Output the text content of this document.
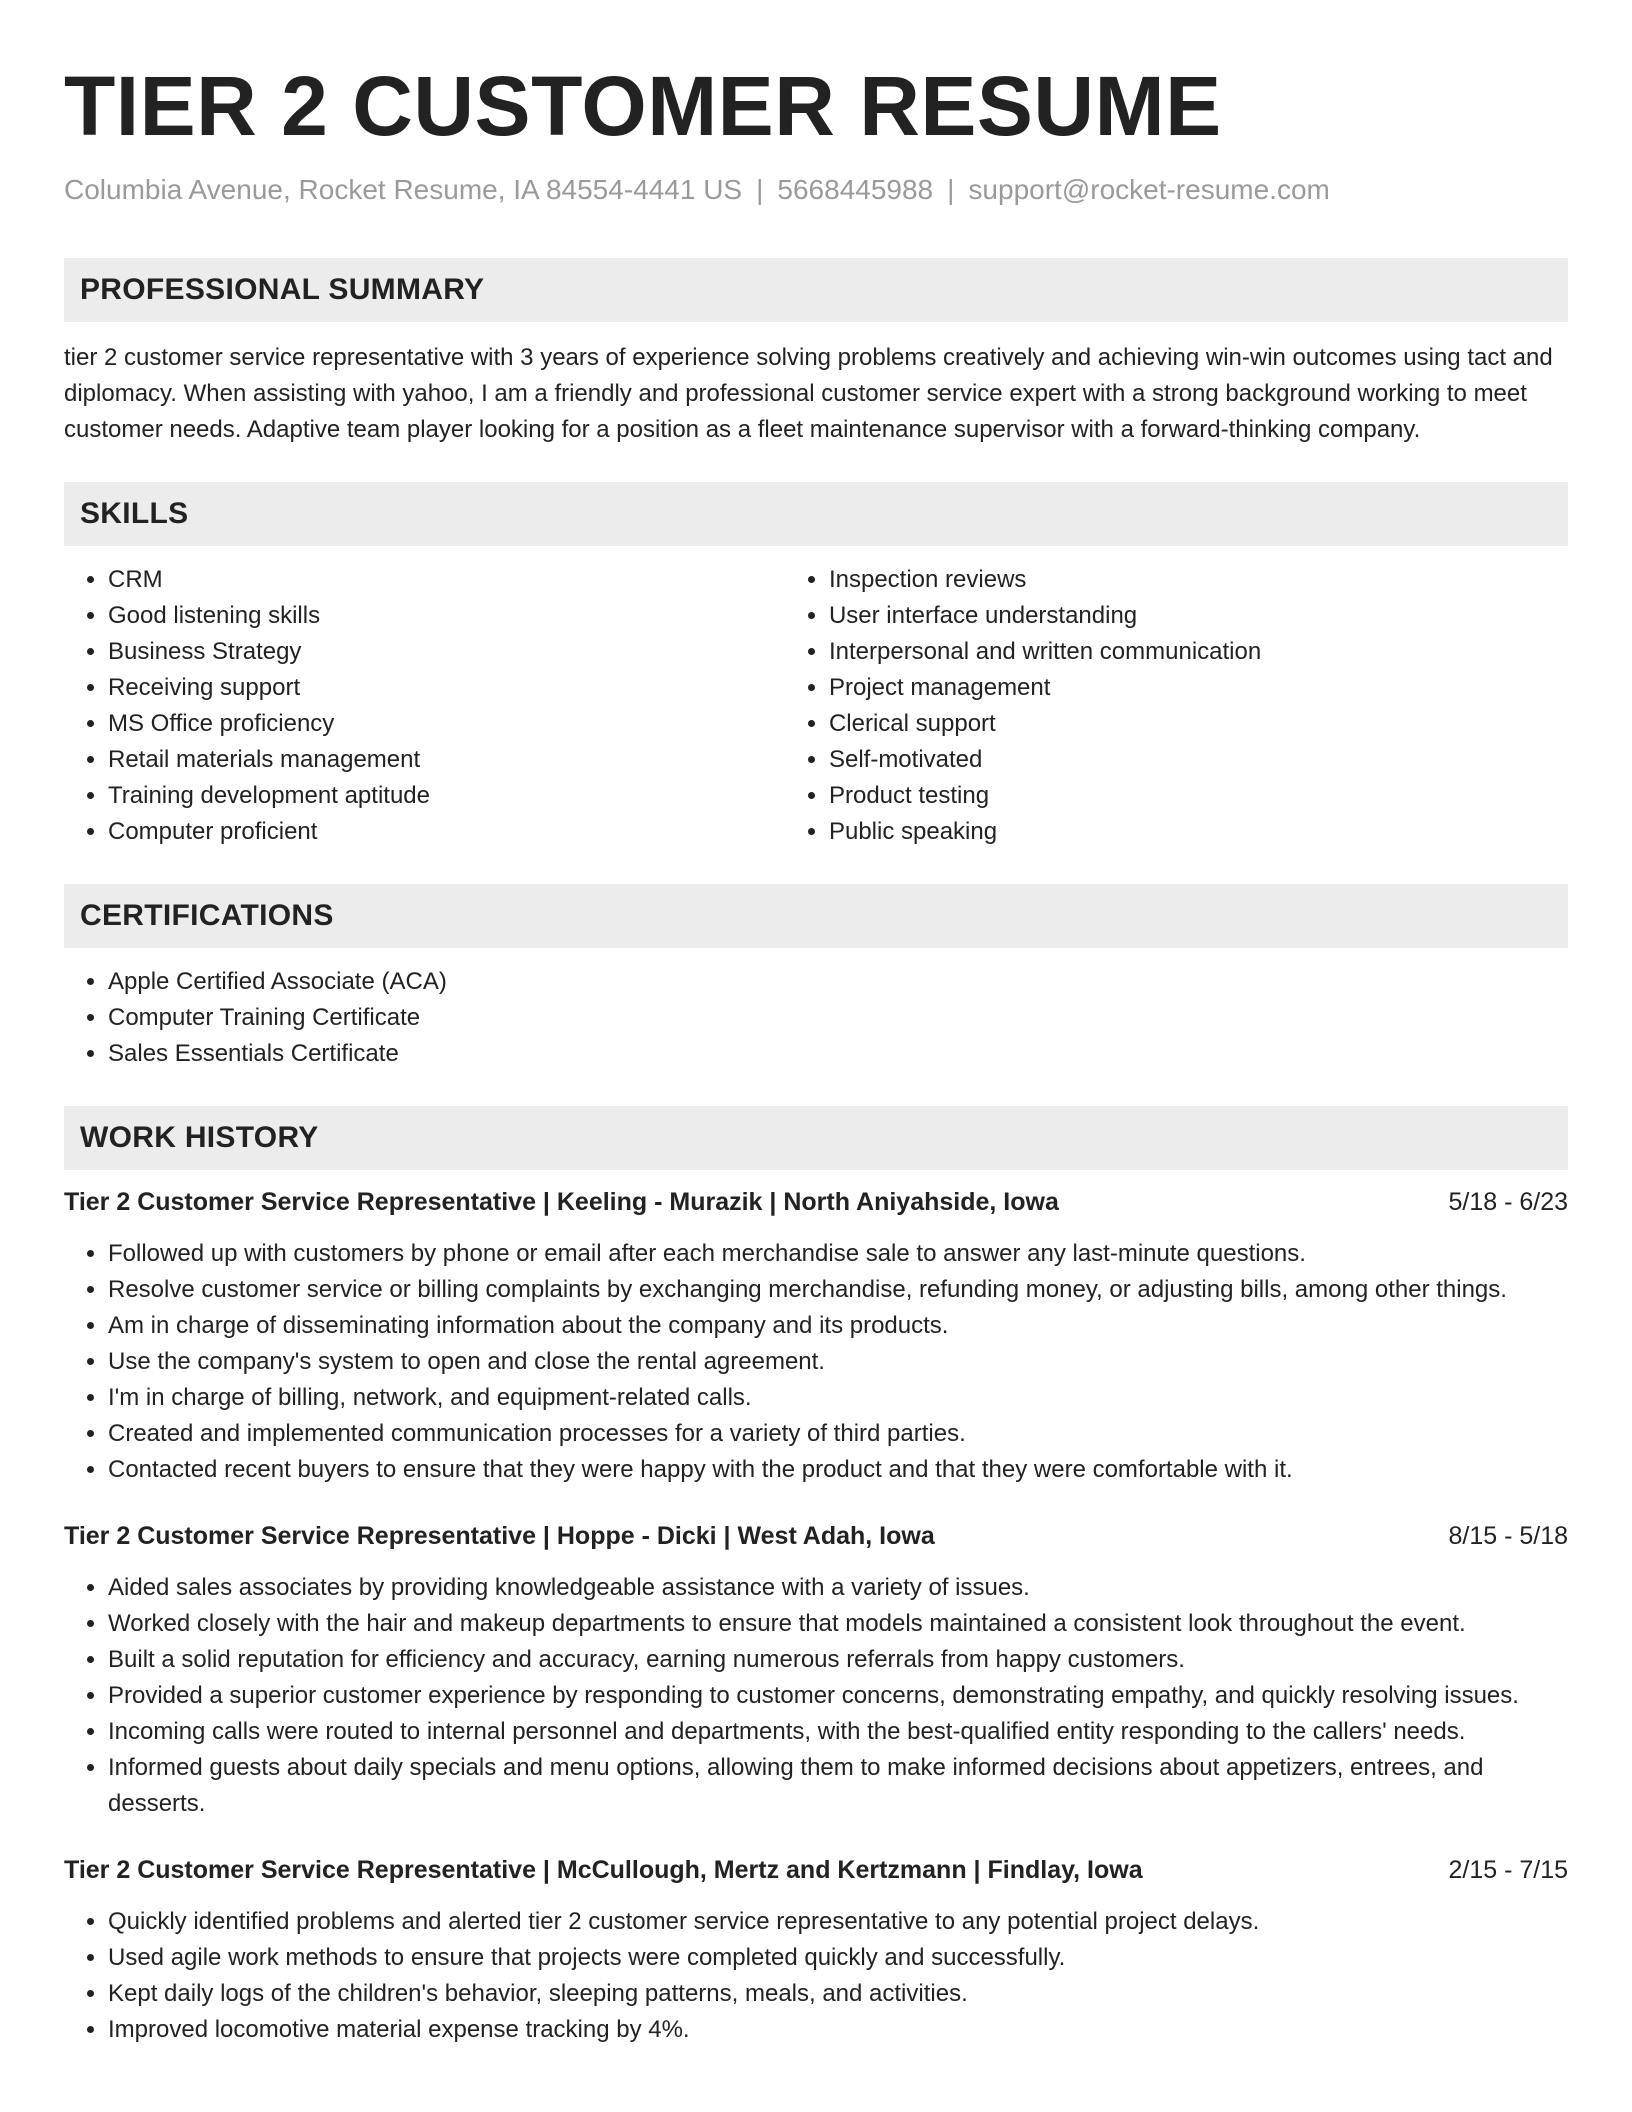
TIER 2 CUSTOMER RESUME
Columbia Avenue, Rocket Resume, IA 84554-4441 US | 5668445988 | support@rocket-resume.com
PROFESSIONAL SUMMARY

tier 2 customer service representative with 3 years of experience solving problems creatively and achieving win-win outcomes using tact and diplomacy. When assisting with yahoo, I am a friendly and professional customer service expert with a strong background working to meet customer needs. Adaptive team player looking for a position as a fleet maintenance supervisor with a forward-thinking company.

SKILLS
• CRM
• Good listening skills
• Business Strategy
• Receiving support
• MS Office proficiency
• Retail materials management
• Training development aptitude
• Computer proficient
• Inspection reviews
• User interface understanding
• Interpersonal and written communication
• Project management
• Clerical support
• Self-motivated
• Product testing
• Public speaking
CERTIFICATIONS
• Apple Certified Associate (ACA)
• Computer Training Certificate
• Sales Essentials Certificate
WORK HISTORY
Tier 2 Customer Service Representative | Keeling - Murazik | North Aniyahside, Iowa	5/18 - 6/23
• Followed up with customers by phone or email after each merchandise sale to answer any last-minute questions.
• Resolve customer service or billing complaints by exchanging merchandise, refunding money, or adjusting bills, among other things.
• Am in charge of disseminating information about the company and its products.
• Use the company's system to open and close the rental agreement.
• I'm in charge of billing, network, and equipment-related calls.
• Created and implemented communication processes for a variety of third parties.
• Contacted recent buyers to ensure that they were happy with the product and that they were comfortable with it.
Tier 2 Customer Service Representative | Hoppe - Dicki | West Adah, Iowa	8/15 - 5/18
• Aided sales associates by providing knowledgeable assistance with a variety of issues.
• Worked closely with the hair and makeup departments to ensure that models maintained a consistent look throughout the event.
• Built a solid reputation for efficiency and accuracy, earning numerous referrals from happy customers.
• Provided a superior customer experience by responding to customer concerns, demonstrating empathy, and quickly resolving issues.
• Incoming calls were routed to internal personnel and departments, with the best-qualified entity responding to the callers' needs.
• Informed guests about daily specials and menu options, allowing them to make informed decisions about appetizers, entrees, and desserts.
Tier 2 Customer Service Representative | McCullough, Mertz and Kertzmann | Findlay, Iowa	2/15 - 7/15
• Quickly identified problems and alerted tier 2 customer service representative to any potential project delays.
• Used agile work methods to ensure that projects were completed quickly and successfully.
• Kept daily logs of the children's behavior, sleeping patterns, meals, and activities.
• Improved locomotive material expense tracking by 4%.
